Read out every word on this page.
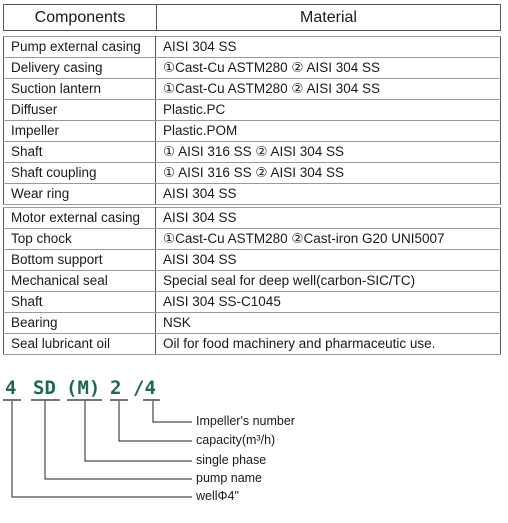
Components	Material
Pump external casing	AISI 304 SS
Delivery casing	①Cast-Cu ASTM280 ② AISI 304 SS
Suction lantern	①Cast-Cu ASTM280 ② AISI 304 SS
Diffuser	Plastic.PC
Impeller	Plastic.POM
Shaft	① AISI 316 SS ② AISI 304 SS
Shaft coupling	① AISI 316 SS ② AISI 304 SS
Wear ring	AISI 304 SS
Motor external casing	AISI 304 SS
Top chock	①Cast-Cu ASTM280 ②Cast-iron G20 UNI5007
Bottom support	AISI 304 SS
Mechanical seal	Special seal for deep well(carbon-SIC/TC)
Shaft	AISI 304 SS-C1045
Bearing	NSK
Seal lubricant oil	Oil for food machinery and pharmaceutic use.
4 SD (M) 2 /4
Impeller's number
capacity(m³/h)
single phase
pump name
wellΦ4"
